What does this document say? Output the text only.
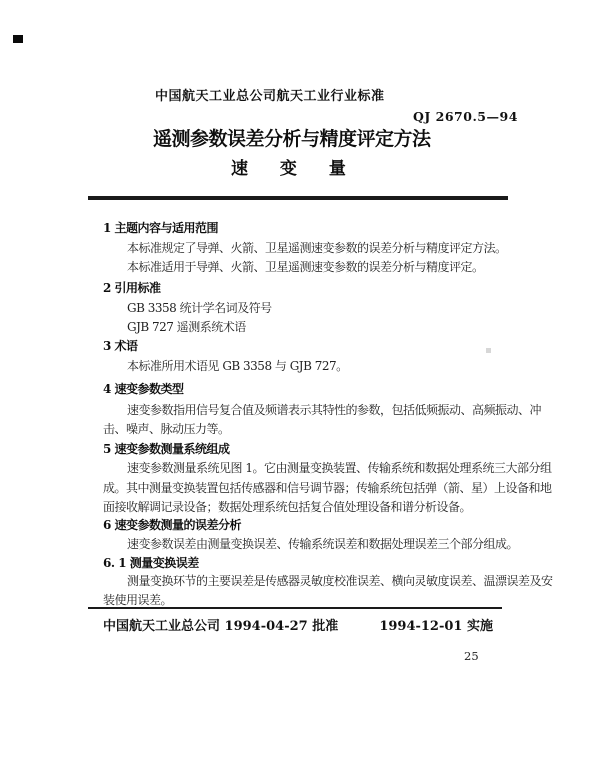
中国航天工业总公司航天工业行业标准
QJ 2670.5—94
遥测参数误差分析与精度评定方法
速 变 量
1 主题内容与适用范围
本标准规定了导弹、火箭、卫星遥测速变参数的误差分析与精度评定方法。
本标准适用于导弹、火箭、卫星遥测速变参数的误差分析与精度评定。
2 引用标准
GB 3358 统计学名词及符号
GJB 727 遥测系统术语
3 术语
本标准所用术语见 GB 3358 与 GJB 727。
4 速变参数类型
速变参数指用信号复合值及频谱表示其特性的参数，包括低频振动、高频振动、冲
击、噪声、脉动压力等。
5 速变参数测量系统组成
速变参数测量系统见图 1。它由测量变换装置、传输系统和数据处理系统三大部分组
成。其中测量变换装置包括传感器和信号调节器；传输系统包括弹（箭、星）上设备和地
面接收解调记录设备；数据处理系统包括复合值处理设备和谱分析设备。
6 速变参数测量的误差分析
速变参数误差由测量变换误差、传输系统误差和数据处理误差三个部分组成。
6. 1 测量变换误差
测量变换环节的主要误差是传感器灵敏度校准误差、横向灵敏度误差、温漂误差及安
装使用误差。
中国航天工业总公司 1994-04-27 批准	1994-12-01 实施
25
